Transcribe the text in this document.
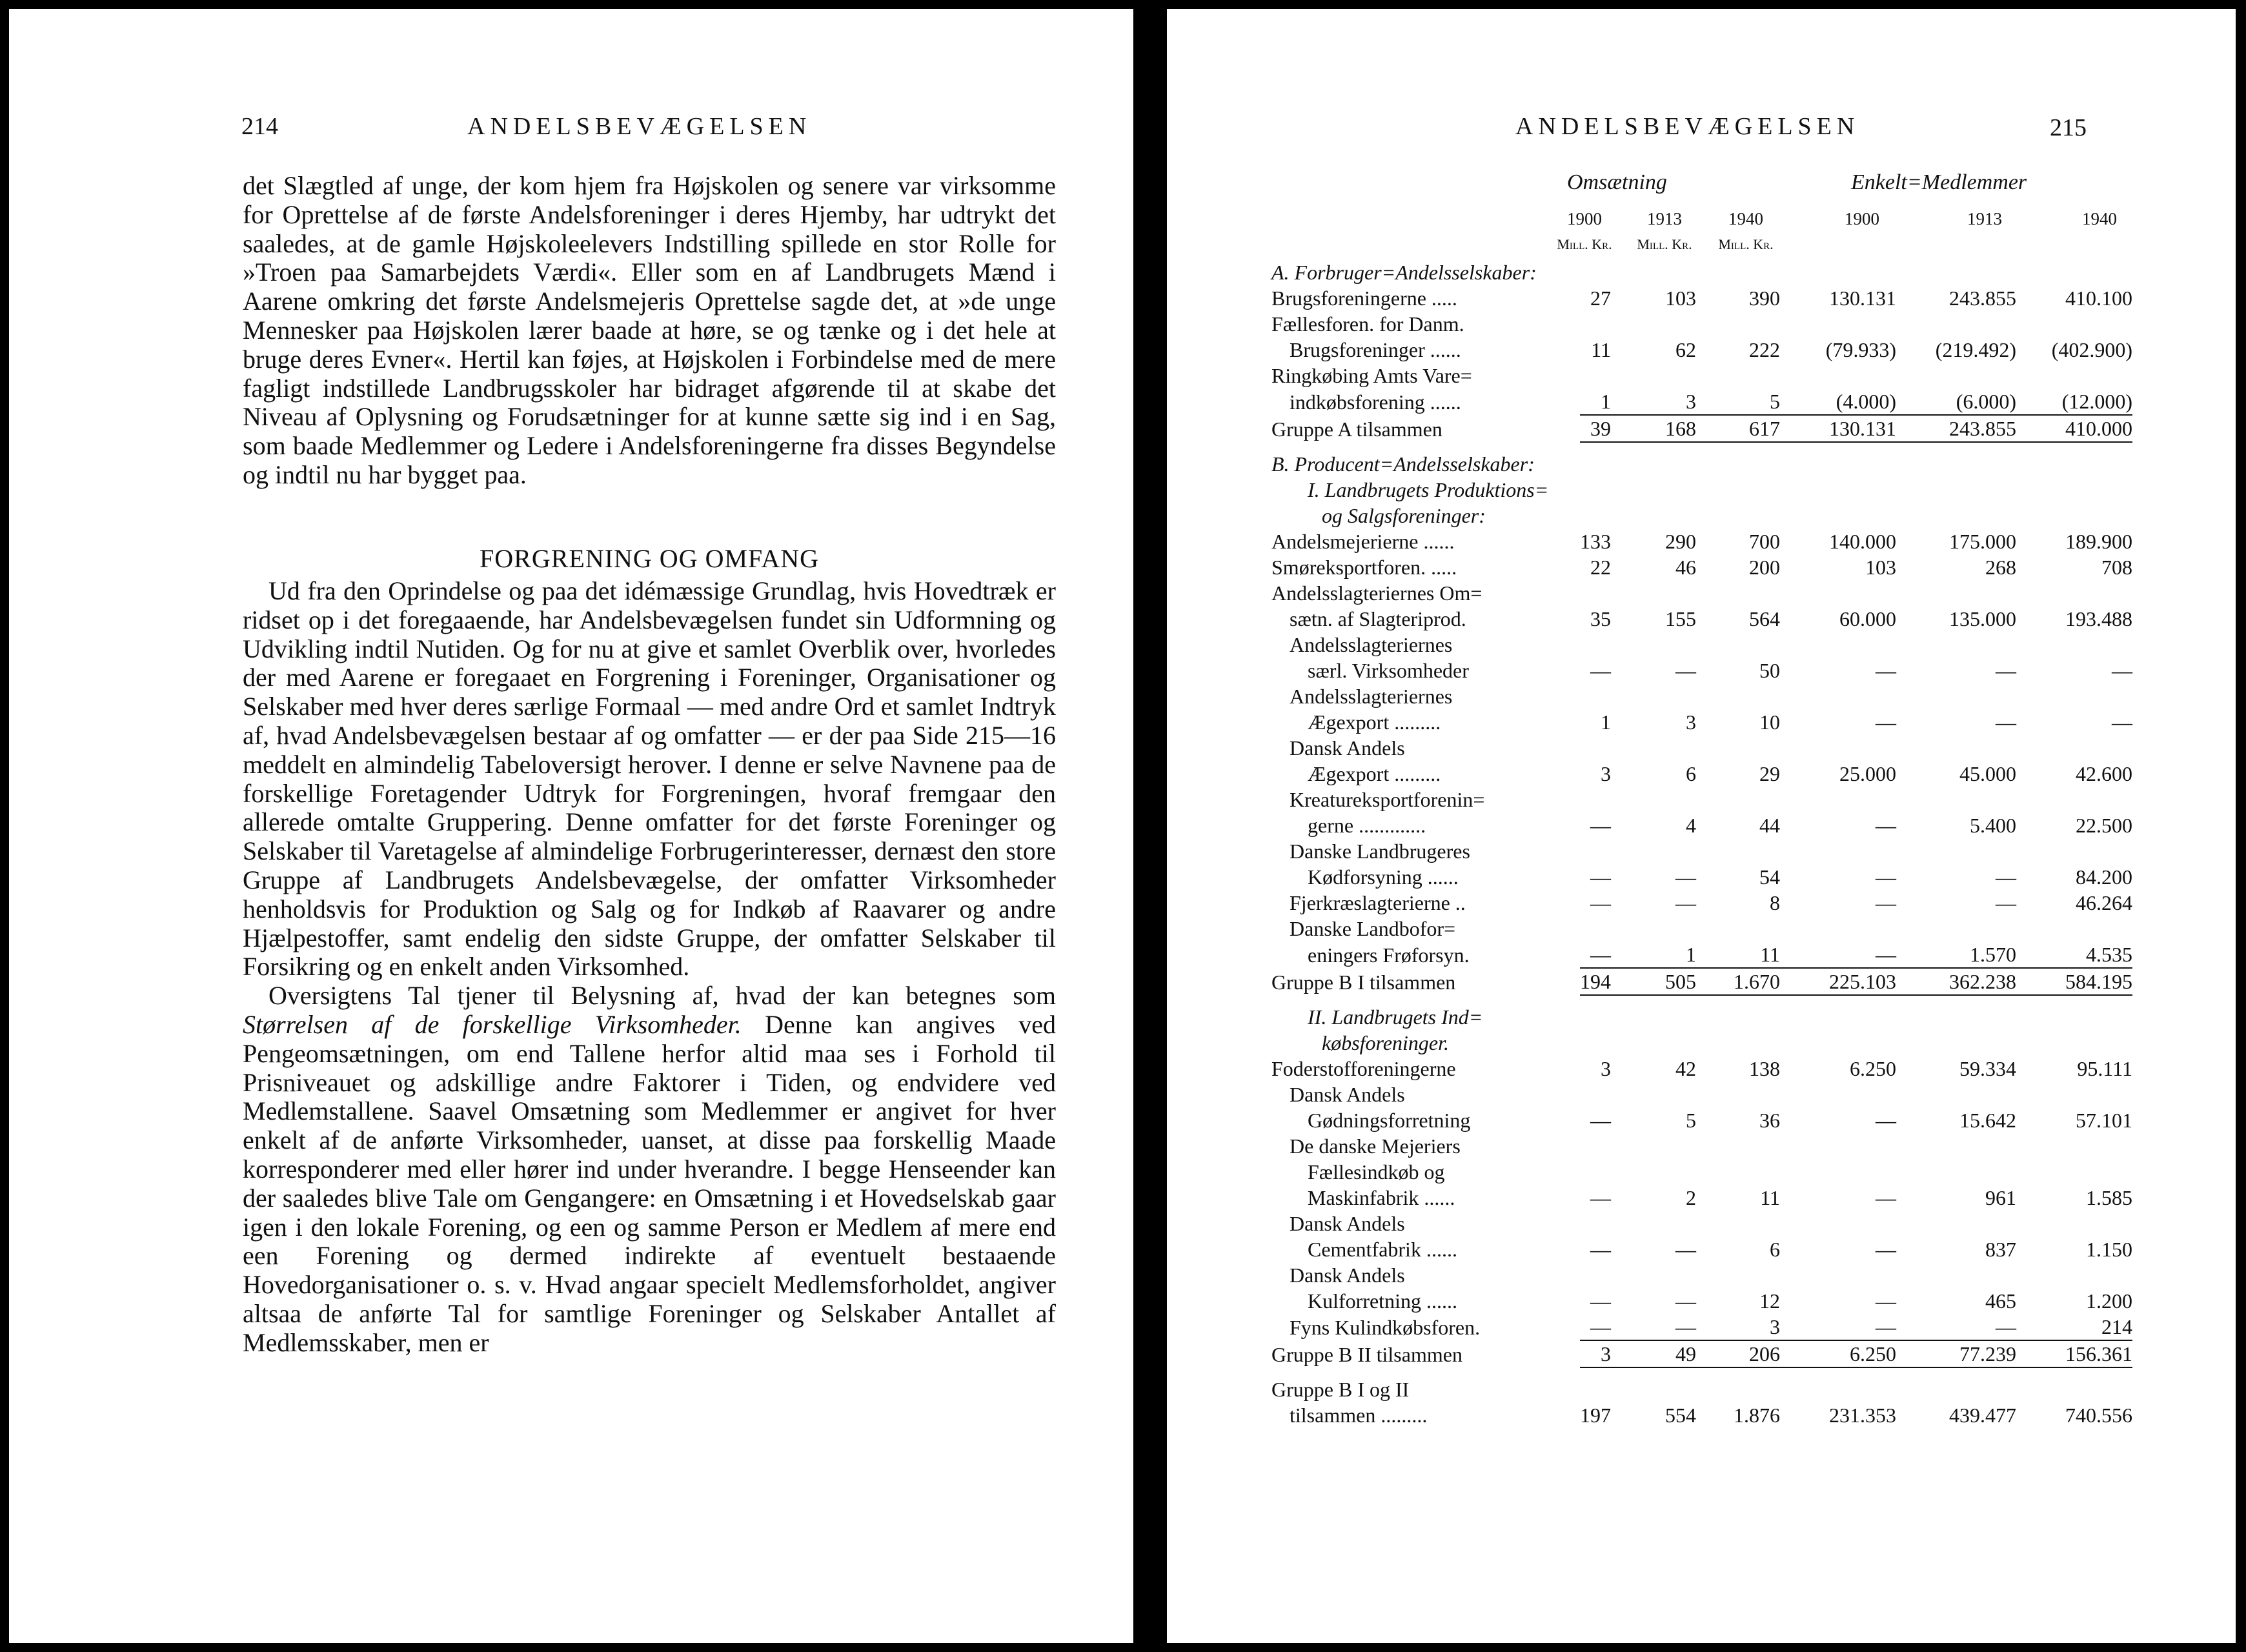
214	ANDELSBEVÆGELSEN

det Slægtled af unge, der kom hjem fra Højskolen og senere var virksomme for Oprettelse af de første Andelsforeninger i deres Hjemby, har udtrykt det saaledes, at de gamle Højskoleelevers Indstilling spillede en stor Rolle for »Troen paa Samarbejdets Værdi«. Eller som en af Landbrugets Mænd i Aarene omkring det første Andelsmejeris Oprettelse sagde det, at »de unge Mennesker paa Højskolen lærer baade at høre, se og tænke og i det hele at bruge deres Evner«. Hertil kan føjes, at Højskolen i Forbindelse med de mere fagligt indstillede Landbrugsskoler har bidraget afgørende til at skabe det Niveau af Oplysning og Forudsætninger for at kunne sætte sig ind i en Sag, som baade Medlemmer og Ledere i Andelsforeningerne fra disses Begyndelse og indtil nu har bygget paa.

FORGRENING OG OMFANG

Ud fra den Oprindelse og paa det idémæssige Grundlag, hvis Hovedtræk er ridset op i det foregaaende, har Andelsbevægelsen fundet sin Udformning og Udvikling indtil Nutiden. Og for nu at give et samlet Overblik over, hvorledes der med Aarene er foregaaet en Forgrening i Foreninger, Organisationer og Selskaber med hver deres særlige Formaal — med andre Ord et samlet Indtryk af, hvad Andelsbevægelsen bestaar af og omfatter — er der paa Side 215—16 meddelt en almindelig Tabeloversigt herover. I denne er selve Navnene paa de forskellige Foretagender Udtryk for Forgreningen, hvoraf fremgaar den allerede omtalte Gruppering. Denne omfatter for det første Foreninger og Selskaber til Varetagelse af almindelige Forbrugerinteresser, dernæst den store Gruppe af Landbrugets Andelsbevægelse, der omfatter Virksomheder henholdsvis for Produktion og Salg og for Indkøb af Raavarer og andre Hjælpestoffer, samt endelig den sidste Gruppe, der omfatter Selskaber til Forsikring og en enkelt anden Virksomhed.

Oversigtens Tal tjener til Belysning af, hvad der kan betegnes som Størrelsen af de forskellige Virksomheder. Denne kan angives ved Pengeomsætningen, om end Tallene herfor altid maa ses i Forhold til Prisniveauet og adskillige andre Faktorer i Tiden, og endvidere ved Medlemstallene. Saavel Omsætning som Medlemmer er angivet for hver enkelt af de anførte Virksomheder, uanset, at disse paa forskellig Maade korresponderer med eller hører ind under hverandre. I begge Henseender kan der saaledes blive Tale om Gengangere: en Omsætning i et Hovedselskab gaar igen i den lokale Forening, og een og samme Person er Medlem af mere end een Forening og dermed indirekte af eventuelt bestaaende Hovedorganisationer o. s. v. Hvad angaar specielt Medlemsforholdet, angiver altsaa de anførte Tal for samtlige Foreninger og Selskaber Antallet af Medlemsskaber, men er

ANDELSBEVÆGELSEN	215
Omsætning	Enkelt=Medlemmer
1900	1913	1940	1900	1913	1940
Mill. Kr.	Mill. Kr.	Mill. Kr.
A. Forbruger=Andelsselskaber:						
Brugsforeningerne .....	27	103	390	130.131	243.855	410.100
Fællesforen. for Danm.						
Brugsforeninger ......	11	62	222	(79.933)	(219.492)	(402.900)
Ringkøbing Amts Vare=						
indkøbsforening ......	1	3	5	(4.000)	(6.000)	(12.000)
Gruppe A tilsammen	39	168	617	130.131	243.855	410.000
B. Producent=Andelsselskaber:						
I. Landbrugets Produktions=						
og Salgsforeninger:						
Andelsmejerierne ......	133	290	700	140.000	175.000	189.900
Smøreksportforen. .....	22	46	200	103	268	708
Andelsslagteriernes Om=						
sætn. af Slagteriprod.	35	155	564	60.000	135.000	193.488
Andelsslagteriernes						
særl. Virksomheder	—	—	50	—	—	—
Andelsslagteriernes						
Ægexport .........	1	3	10	—	—	—
Dansk Andels						
Ægexport .........	3	6	29	25.000	45.000	42.600
Kreatureksportforenin=						
gerne .............	—	4	44	—	5.400	22.500
Danske Landbrugeres						
Kødforsyning ......	—	—	54	—	—	84.200
Fjerkræslagterierne ..	—	—	8	—	—	46.264
Danske Landbofor=						
eningers Frøforsyn.	—	1	11	—	1.570	4.535
Gruppe B I tilsammen	194	505	1.670	225.103	362.238	584.195
II. Landbrugets Ind=						
købsforeninger.						
Foderstofforeningerne	3	42	138	6.250	59.334	95.111
Dansk Andels						
Gødningsforretning	—	5	36	—	15.642	57.101
De danske Mejeriers						
Fællesindkøb og						
Maskinfabrik ......	—	2	11	—	961	1.585
Dansk Andels						
Cementfabrik ......	—	—	6	—	837	1.150
Dansk Andels						
Kulforretning ......	—	—	12	—	465	1.200
Fyns Kulindkøbsforen.	—	—	3	—	—	214
Gruppe B II tilsammen	3	49	206	6.250	77.239	156.361
Gruppe B I og II						
tilsammen .........	197	554	1.876	231.353	439.477	740.556
